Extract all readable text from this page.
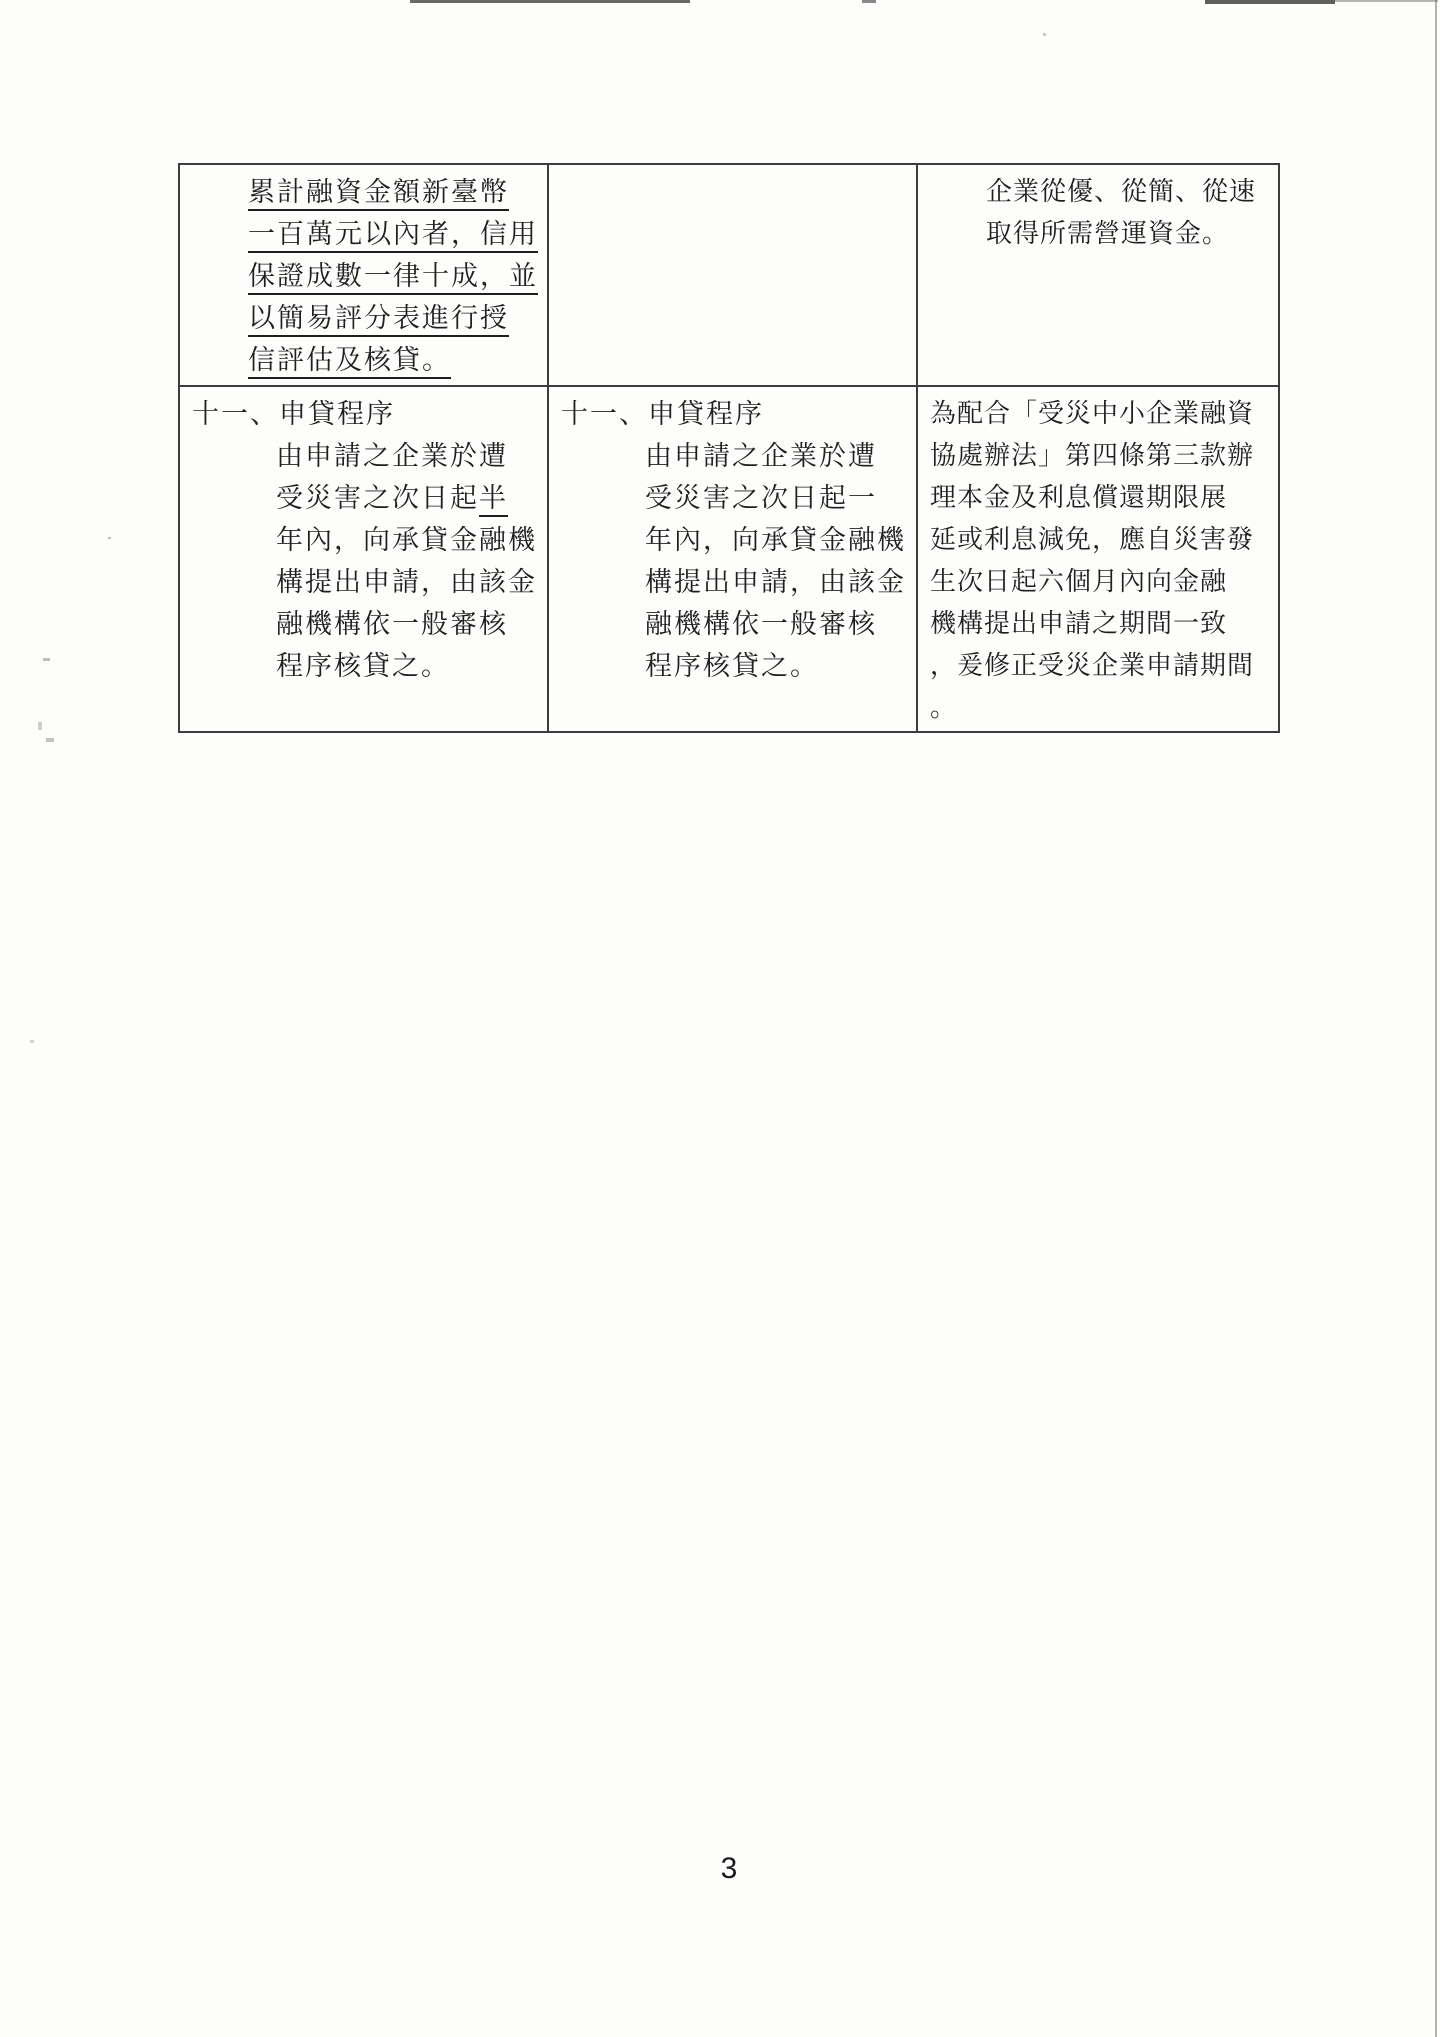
累計融資金額新臺幣
一百萬元以內者，信用
保證成數一律十成，並
以簡易評分表進行授
信評估及核貸。
企業從優、從簡、從速
取得所需營運資金。
十一、申貸程序
由申請之企業於遭
受災害之次日起半
年內，向承貸金融機
構提出申請，由該金
融機構依一般審核
程序核貸之。
十一、申貸程序
由申請之企業於遭
受災害之次日起一
年內，向承貸金融機
構提出申請，由該金
融機構依一般審核
程序核貸之。
為配合「受災中小企業融資
協處辦法」第四條第三款辦
理本金及利息償還期限展
延或利息減免，應自災害發
生次日起六個月內向金融
機構提出申請之期間一致
，爰修正受災企業申請期間
。
3
